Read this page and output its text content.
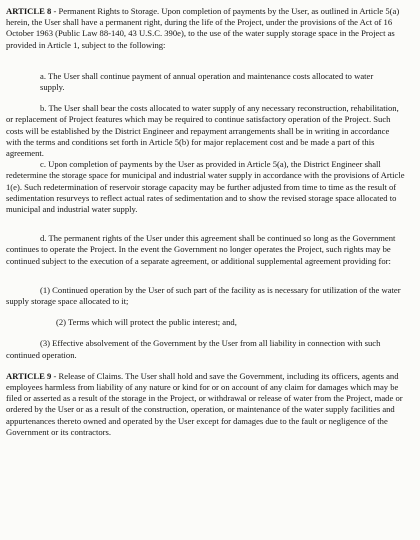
ARTICLE 8 - Permanent Rights to Storage. Upon completion of payments by the User, as outlined in Article 5(a) herein, the User shall have a permanent right, during the life of the Project, under the provisions of the Act of 16 October 1963 (Public Law 88-140, 43 U.S.C. 390e), to the use of the water supply storage space in the Project as provided in Article 1, subject to the following:

a. The User shall continue payment of annual operation and maintenance costs allocated to water supply.

b. The User shall bear the costs allocated to water supply of any necessary reconstruction, rehabilitation, or replacement of Project features which may be required to continue satisfactory operation of the Project. Such costs will be established by the District Engineer and repayment arrangements shall be in writing in accordance with the terms and conditions set forth in Article 5(b) for major replacement cost and be made a part of this agreement.

c. Upon completion of payments by the User as provided in Article 5(a), the District Engineer shall redetermine the storage space for municipal and industrial water supply in accordance with the provisions of Article 1(e). Such redetermination of reservoir storage capacity may be further adjusted from time to time as the result of sedimentation resurveys to reflect actual rates of sedimentation and to show the revised storage space allocated to municipal and industrial water supply.

d. The permanent rights of the User under this agreement shall be continued so long as the Government continues to operate the Project. In the event the Government no longer operates the Project, such rights may be continued subject to the execution of a separate agreement, or additional supplemental agreement providing for:

(1) Continued operation by the User of such part of the facility as is necessary for utilization of the water supply storage space allocated to it;

(2) Terms which will protect the public interest; and,

(3) Effective absolvement of the Government by the User from all liability in connection with such continued operation.

ARTICLE 9 - Release of Claims. The User shall hold and save the Government, including its officers, agents and employees harmless from liability of any nature or kind for or on account of any claim for damages which may be filed or asserted as a result of the storage in the Project, or withdrawal or release of water from the Project, made or ordered by the User or as a result of the construction, operation, or maintenance of the water supply facilities and appurtenances thereto owned and operated by the User except for damages due to the fault or negligence of the Government or its contractors.
